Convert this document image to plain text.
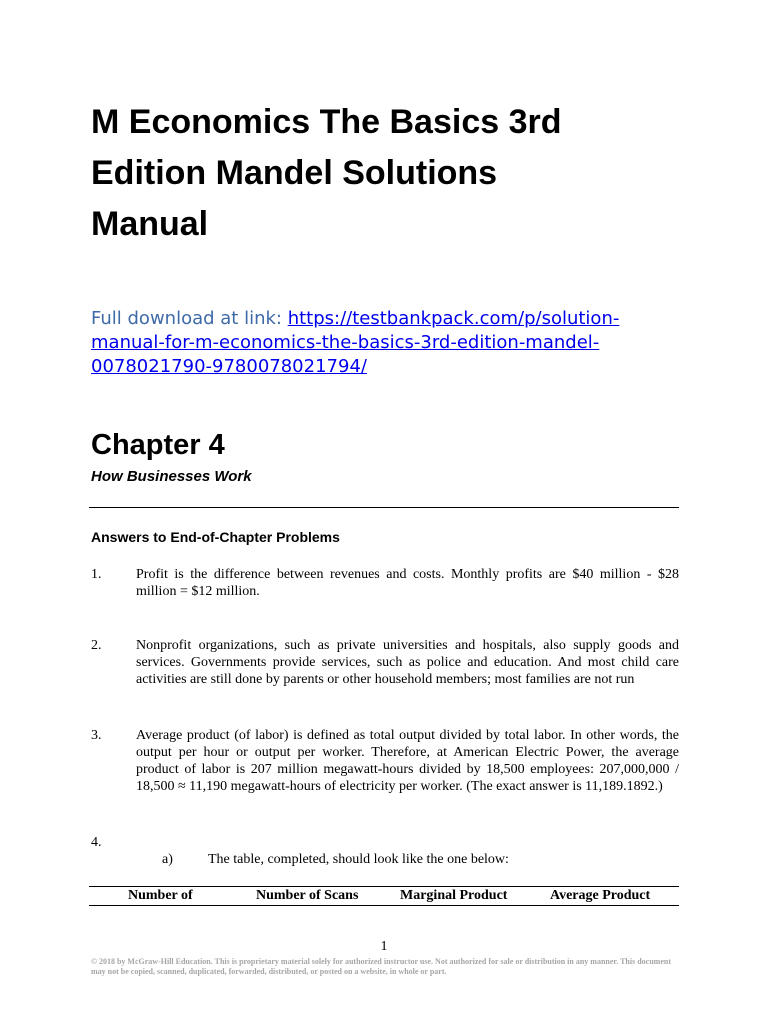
M Economics The Basics 3rd
Edition Mandel Solutions
Manual
Full download at link: https://testbankpack.com/p/solution-
manual-for-m-economics-the-basics-3rd-edition-mandel-
0078021790-9780078021794/
Chapter 4
How Businesses Work
Answers to End-of-Chapter Problems
1. Profit is the difference between revenues and costs. Monthly profits are $40 million - $28 million = $12 million.
2. Nonprofit organizations, such as private universities and hospitals, also supply goods and services. Governments provide services, such as police and education. And most child care activities are still done by parents or other household members; most families are not run
3. Average product (of labor) is defined as total output divided by total labor. In other words, the output per hour or output per worker. Therefore, at American Electric Power, the average product of labor is 207 million megawatt-hours divided by 18,500 employees: 207,000,000 / 18,500 ≈ 11,190 megawatt-hours of electricity per worker. (The exact answer is 11,189.1892.)
4.
a)	The table, completed, should look like the one below:
Number of	Number of Scans	Marginal Product	Average Product
1
© 2018 by McGraw-Hill Education. This is proprietary material solely for authorized instructor use. Not authorized for sale or distribution in any manner. This document may not be copied, scanned, duplicated, forwarded, distributed, or posted on a website, in whole or part.
